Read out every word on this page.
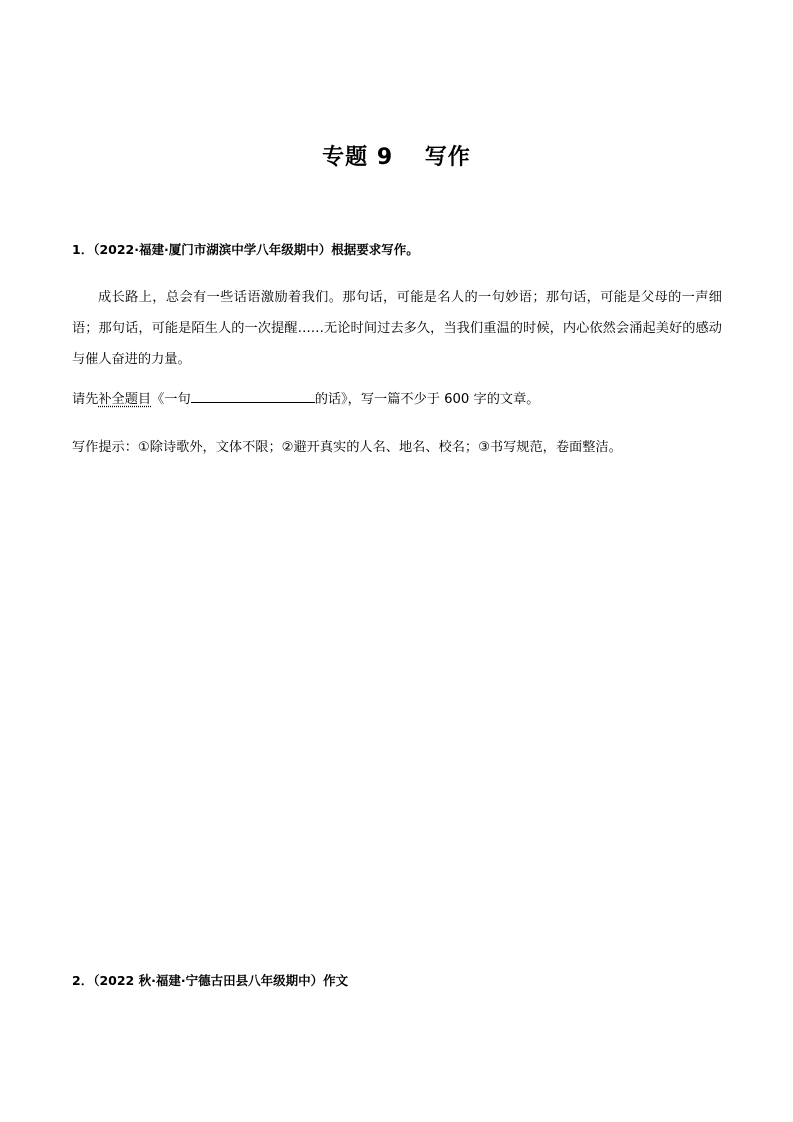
专题 9　 写作
1．（2022·福建·厦门市湖滨中学八年级期中）根据要求写作。
成长路上，总会有一些话语激励着我们。那句话，可能是名人的一句妙语；那句话，可能是父母的一声细语；那句话，可能是陌生人的一次提醒……无论时间过去多久，当我们重温的时候，内心依然会涌起美好的感动与催人奋进的力量。
请先补全题目《一句	的话》，写一篇不少于 600 字的文章。
写作提示：①除诗歌外，文体不限；②避开真实的人名、地名、校名；③书写规范，卷面整洁。
2．（2022 秋·福建·宁德古田县八年级期中）作文
